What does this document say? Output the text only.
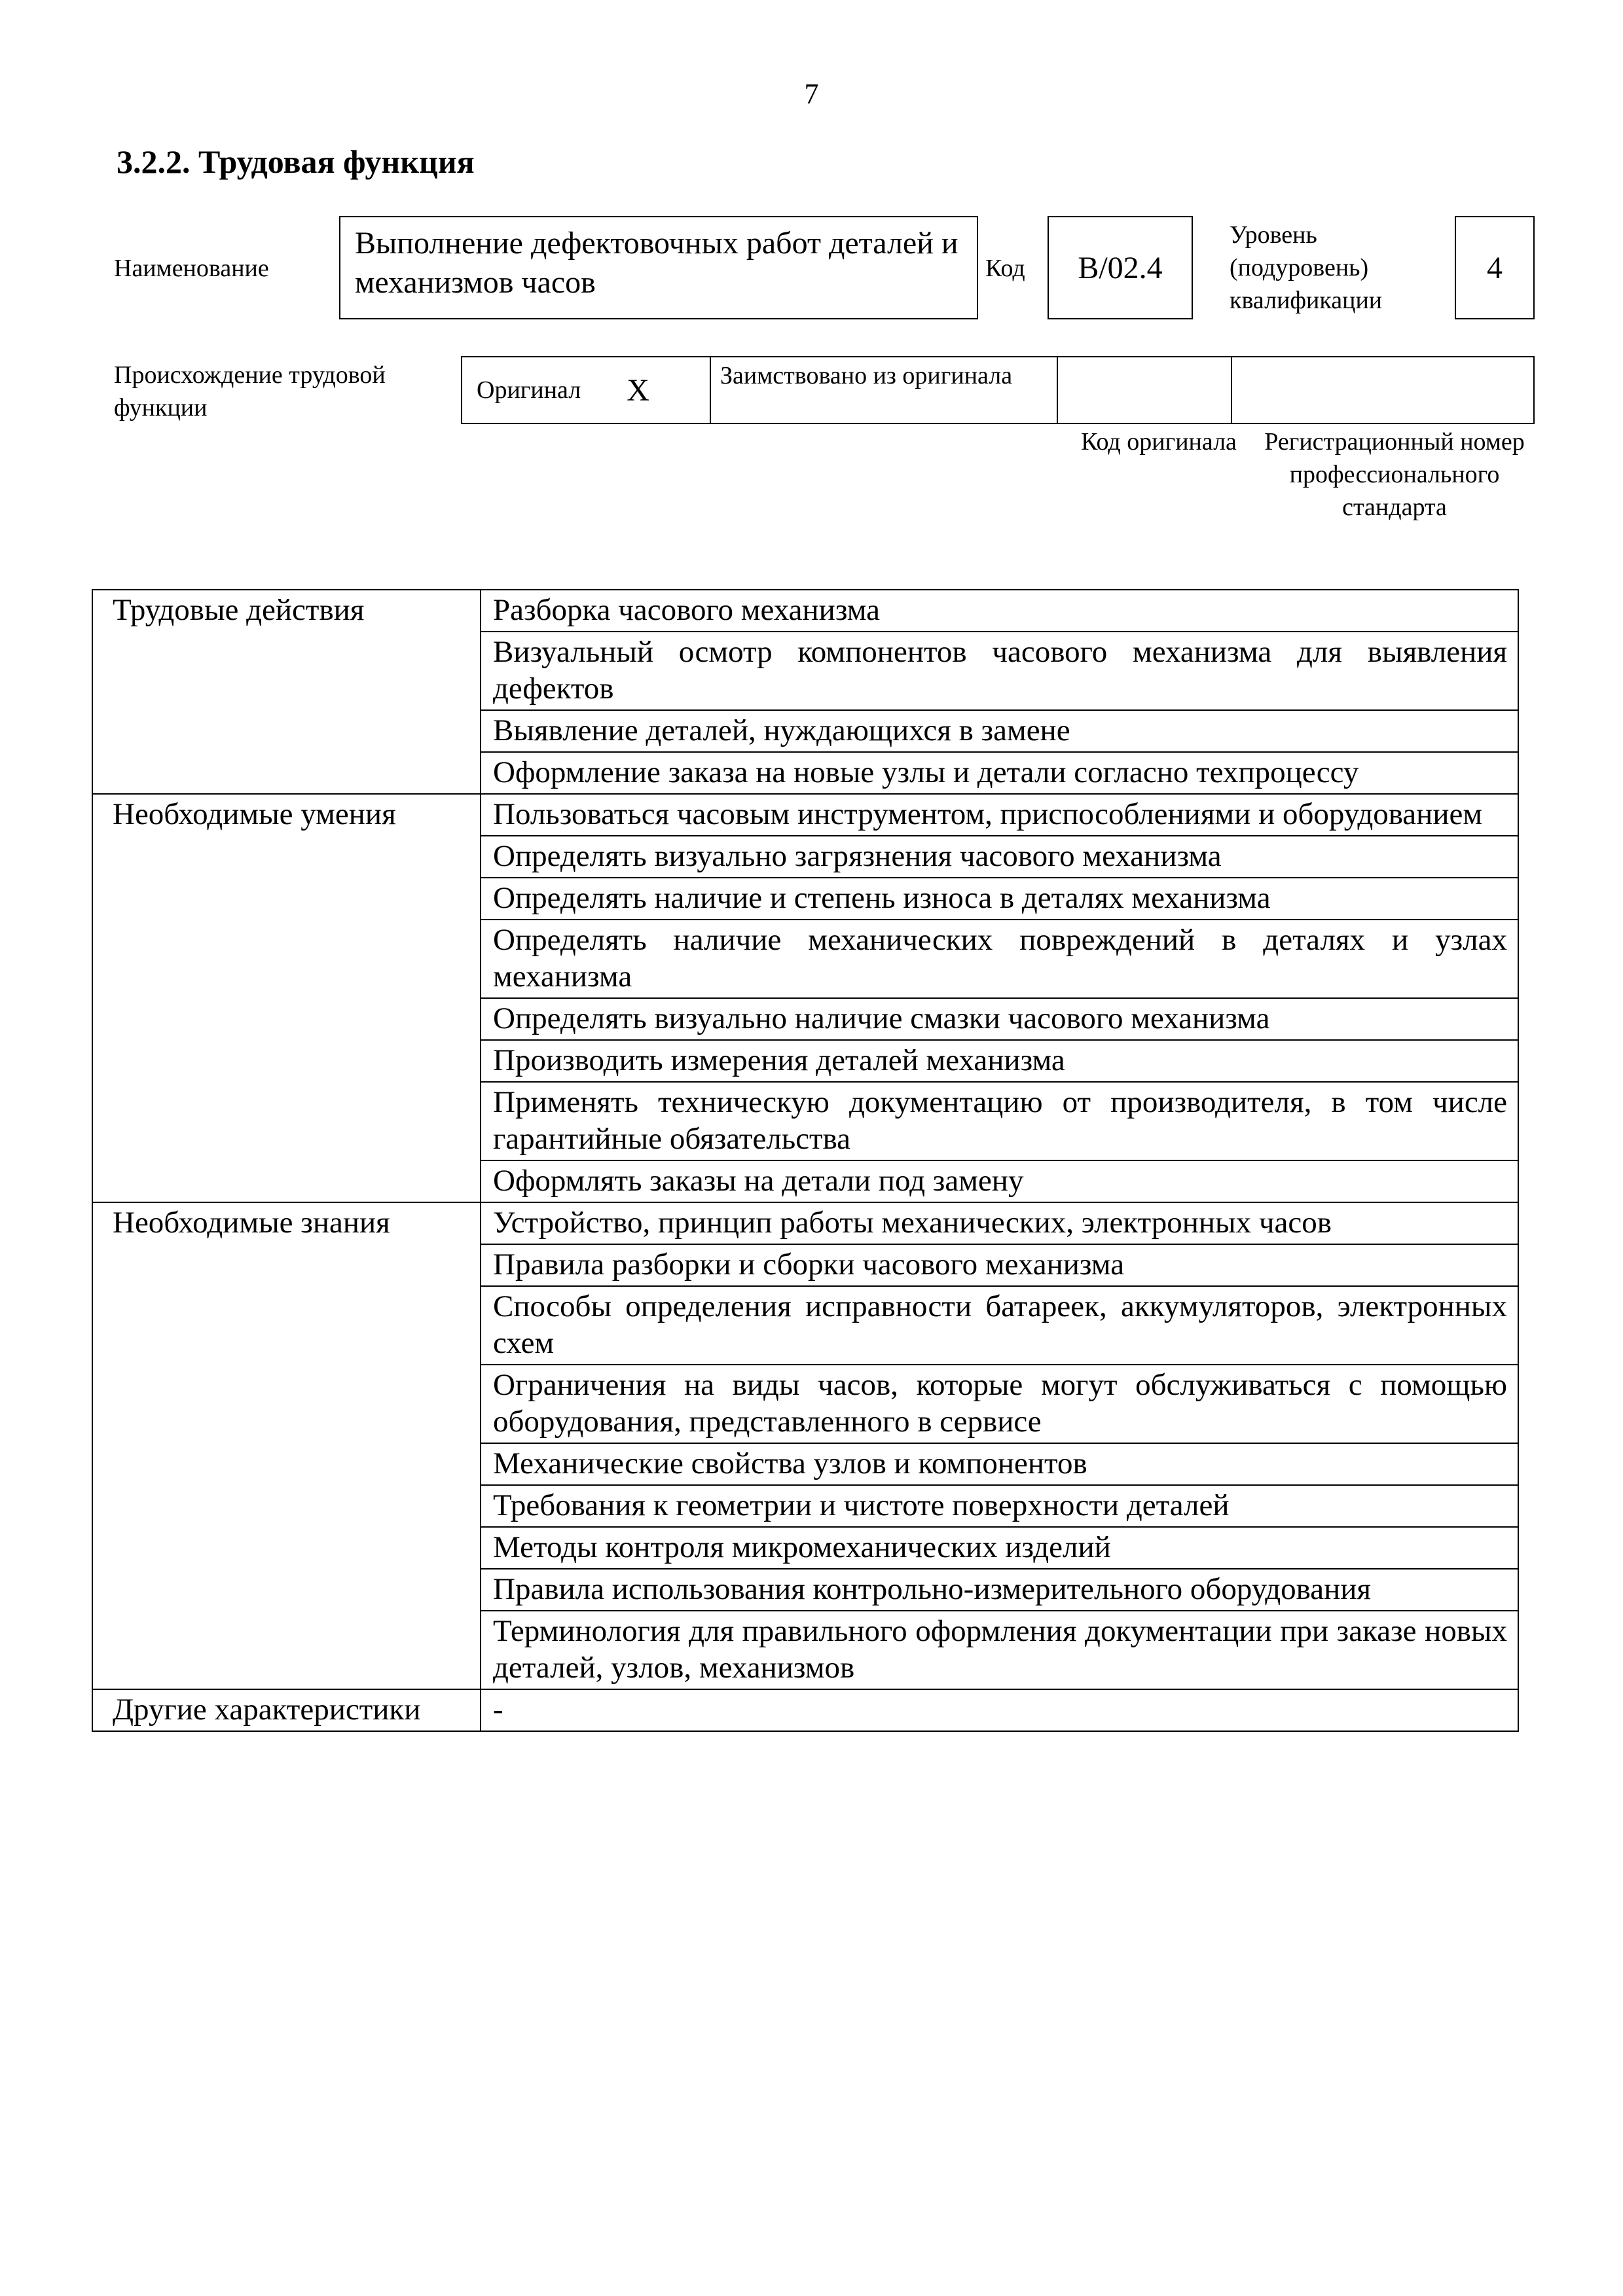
7
3.2.2. Трудовая функция
Наименование
Выполнение дефектовочных работ деталей и механизмов часов	Код	B/02.4
Уровень (подуровень) квалификации
4
Происхождение трудовой функции
Оригинал X	Заимствовано из оригинала
Код оригинала	Регистрационный номер профессионального стандарта
Трудовые действия	Разборка часового механизма
	Визуальный осмотр компонентов часового механизма для выявления дефектов
	Выявление деталей, нуждающихся в замене
	Оформление заказа на новые узлы и детали согласно техпроцессу
Необходимые умения	Пользоваться часовым инструментом, приспособлениями и оборудованием
	Определять визуально загрязнения часового механизма
	Определять наличие и степень износа в деталях механизма
	Определять наличие механических повреждений в деталях и узлах механизма
	Определять визуально наличие смазки часового механизма
	Производить измерения деталей механизма
	Применять техническую документацию от производителя, в том числе гарантийные обязательства
	Оформлять заказы на детали под замену
Необходимые знания	Устройство, принцип работы механических, электронных часов
	Правила разборки и сборки часового механизма
	Способы определения исправности батареек, аккумуляторов, электронных схем
	Ограничения на виды часов, которые могут обслуживаться с помощью оборудования, представленного в сервисе
	Механические свойства узлов и компонентов
	Требования к геометрии и чистоте поверхности деталей
	Методы контроля микромеханических изделий
	Правила использования контрольно-измерительного оборудования
	Терминология для правильного оформления документации при заказе новых деталей, узлов, механизмов
Другие характеристики	-
